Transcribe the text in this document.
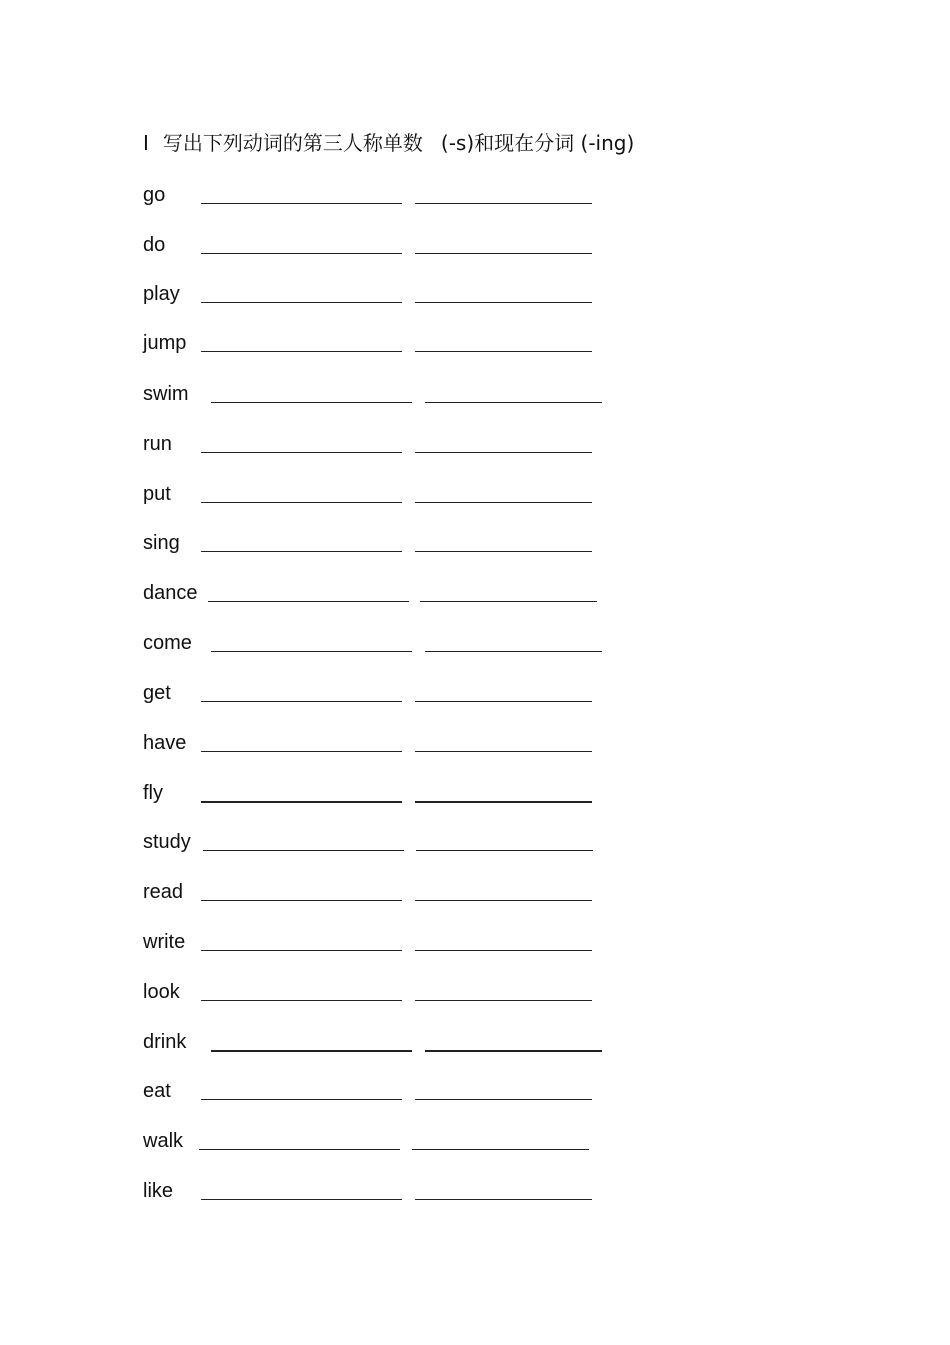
I 写出下列动词的第三人称单数 (-s)和现在分词 (-ing)
go
do
play
jump
swim
run
put
sing
dance
come
get
have
fly
study
read
write
look
drink
eat
walk
like
